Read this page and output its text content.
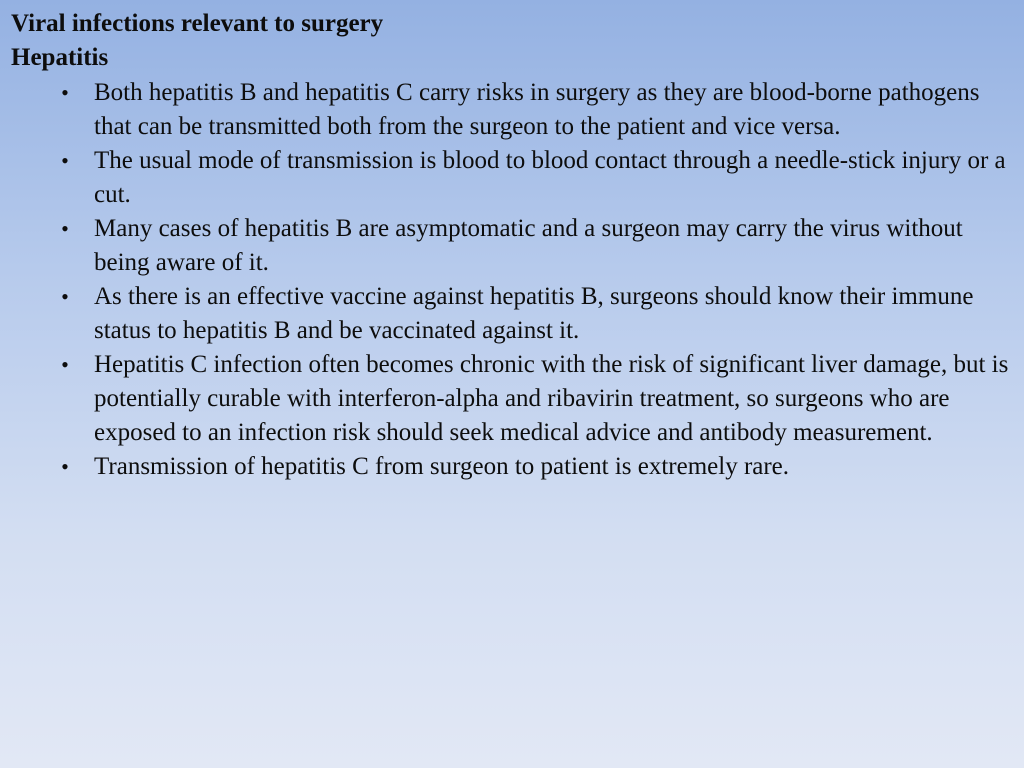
Viral infections relevant to surgery
Hepatitis
• Both hepatitis B and hepatitis C carry risks in surgery as they are blood-borne pathogens that can be transmitted both from the surgeon to the patient and vice versa.
• The usual mode of transmission is blood to blood contact through a needle-stick injury or a cut.
• Many cases of hepatitis B are asymptomatic and a surgeon may carry the virus without being aware of it.
• As there is an effective vaccine against hepatitis B, surgeons should know their immune status to hepatitis B and be vaccinated against it.
• Hepatitis C infection often becomes chronic with the risk of significant liver damage, but is potentially curable with interferon-alpha and ribavirin treatment, so surgeons who are exposed to an infection risk should seek medical advice and antibody measurement.
• Transmission of hepatitis C from surgeon to patient is extremely rare.
